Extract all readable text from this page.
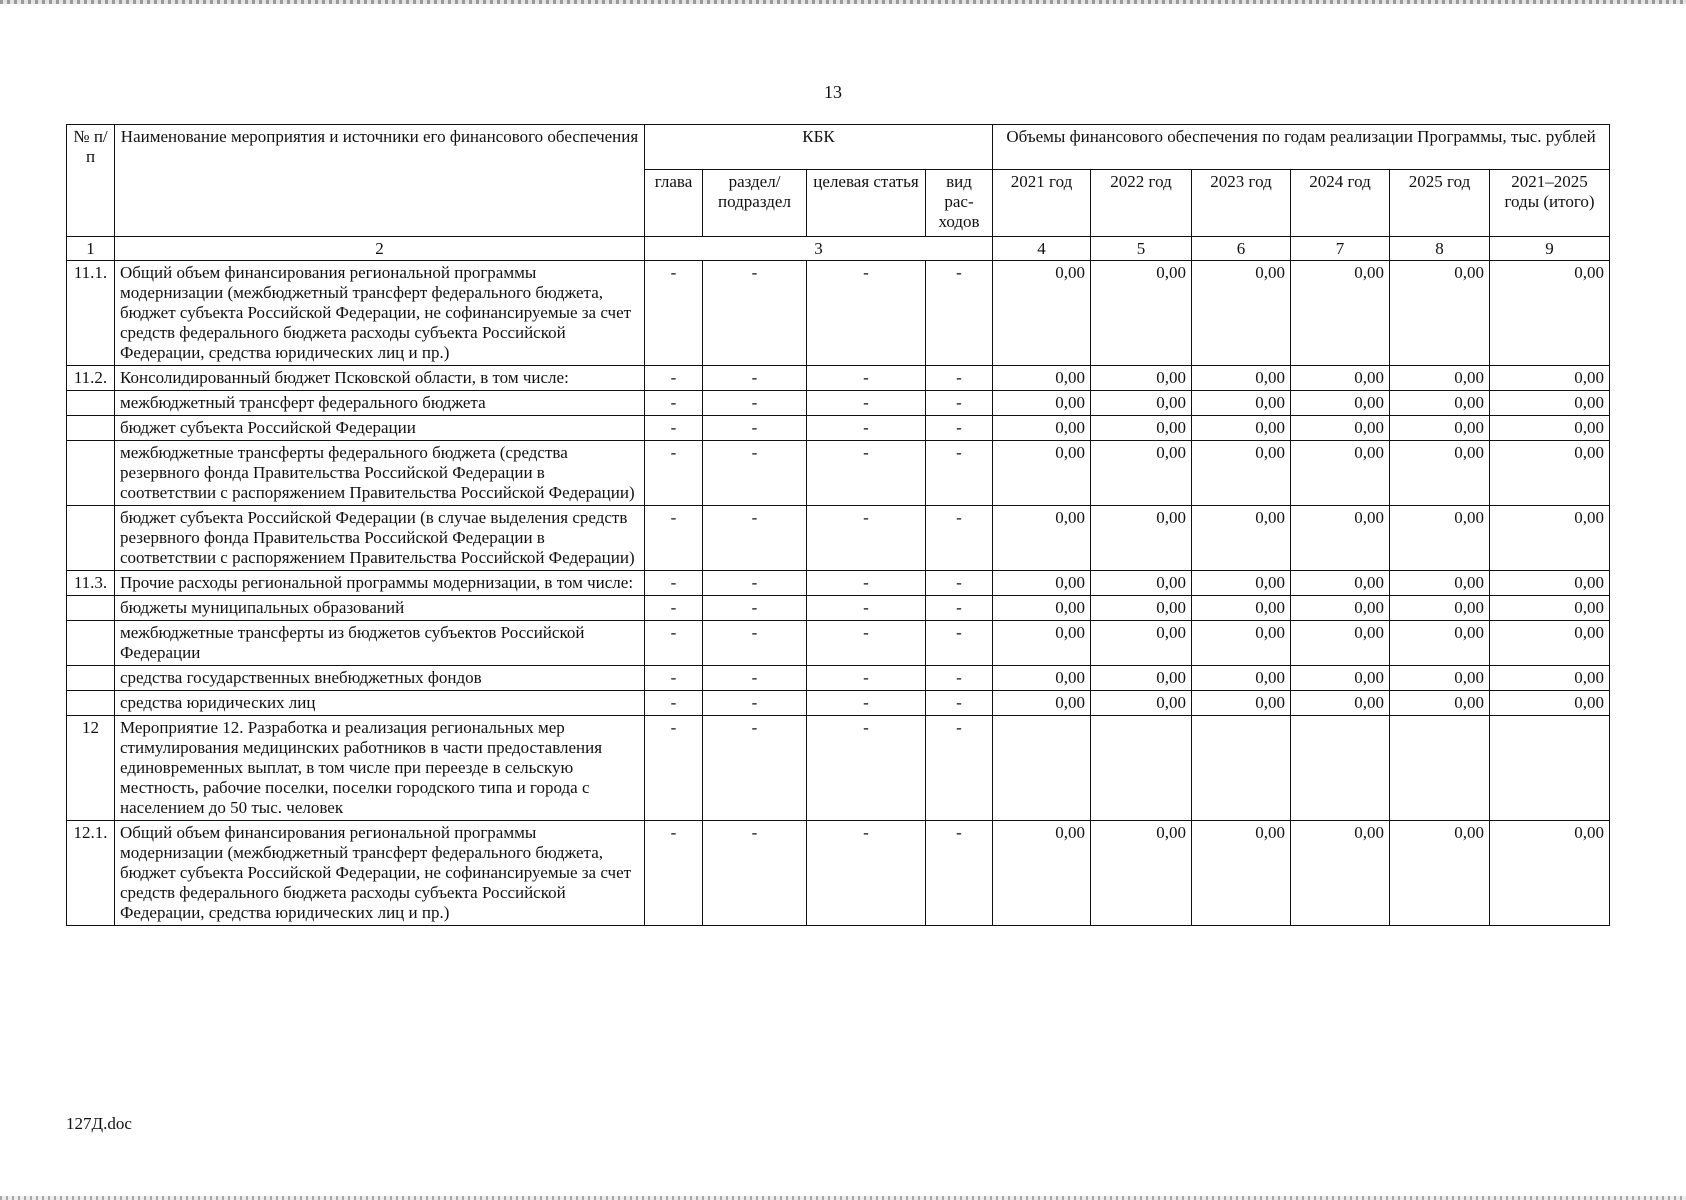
13
№ п/п	Наименование мероприятия и источники его финансового обеспечения	КБК				Объемы финансового обеспечения по годам реализации Программы, тыс. рублей					
		глава	раздел/ подраздел	целевая статья	вид рас- ходов	2021 год	2022 год	2023 год	2024 год	2025 год	2021–2025 годы (итого)
1	2	3				4	5	6	7	8	9
11.1.	Общий объем финансирования региональной программы модернизации (межбюджетный трансферт федерального бюджета, бюджет субъекта Российской Федерации, не софинансируемые за счет средств федерального бюджета расходы субъекта Российской Федерации, средства юридических лиц и пр.)	-	-	-	-	0,00	0,00	0,00	0,00	0,00	0,00
11.2.	Консолидированный бюджет Псковской области, в том числе:	-	-	-	-	0,00	0,00	0,00	0,00	0,00	0,00
	межбюджетный трансферт федерального бюджета	-	-	-	-	0,00	0,00	0,00	0,00	0,00	0,00
	бюджет субъекта Российской Федерации	-	-	-	-	0,00	0,00	0,00	0,00	0,00	0,00
	межбюджетные трансферты федерального бюджета (средства резервного фонда Правительства Российской Федерации в соответствии с распоряжением Правительства Российской Федерации)	-	-	-	-	0,00	0,00	0,00	0,00	0,00	0,00
	бюджет субъекта Российской Федерации (в случае выделения средств резервного фонда Правительства Российской Федерации в соответствии с распоряжением Правительства Российской Федерации)	-	-	-	-	0,00	0,00	0,00	0,00	0,00	0,00
11.3.	Прочие расходы региональной программы модернизации, в том числе:	-	-	-	-	0,00	0,00	0,00	0,00	0,00	0,00
	бюджеты муниципальных образований	-	-	-	-	0,00	0,00	0,00	0,00	0,00	0,00
	межбюджетные трансферты из бюджетов субъектов Российской Федерации	-	-	-	-	0,00	0,00	0,00	0,00	0,00	0,00
	средства государственных внебюджетных фондов	-	-	-	-	0,00	0,00	0,00	0,00	0,00	0,00
	средства юридических лиц	-	-	-	-	0,00	0,00	0,00	0,00	0,00	0,00
12	Мероприятие 12. Разработка и реализация региональных мер стимулирования медицинских работников в части предоставления единовременных выплат, в том числе при переезде в сельскую местность, рабочие поселки, поселки городского типа и города с населением до 50 тыс. человек	-	-	-	-						
12.1.	Общий объем финансирования региональной программы модернизации (межбюджетный трансферт федерального бюджета, бюджет субъекта Российской Федерации, не софинансируемые за счет средств федерального бюджета расходы субъекта Российской Федерации, средства юридических лиц и пр.)	-	-	-	-	0,00	0,00	0,00	0,00	0,00	0,00
127Д.doc
